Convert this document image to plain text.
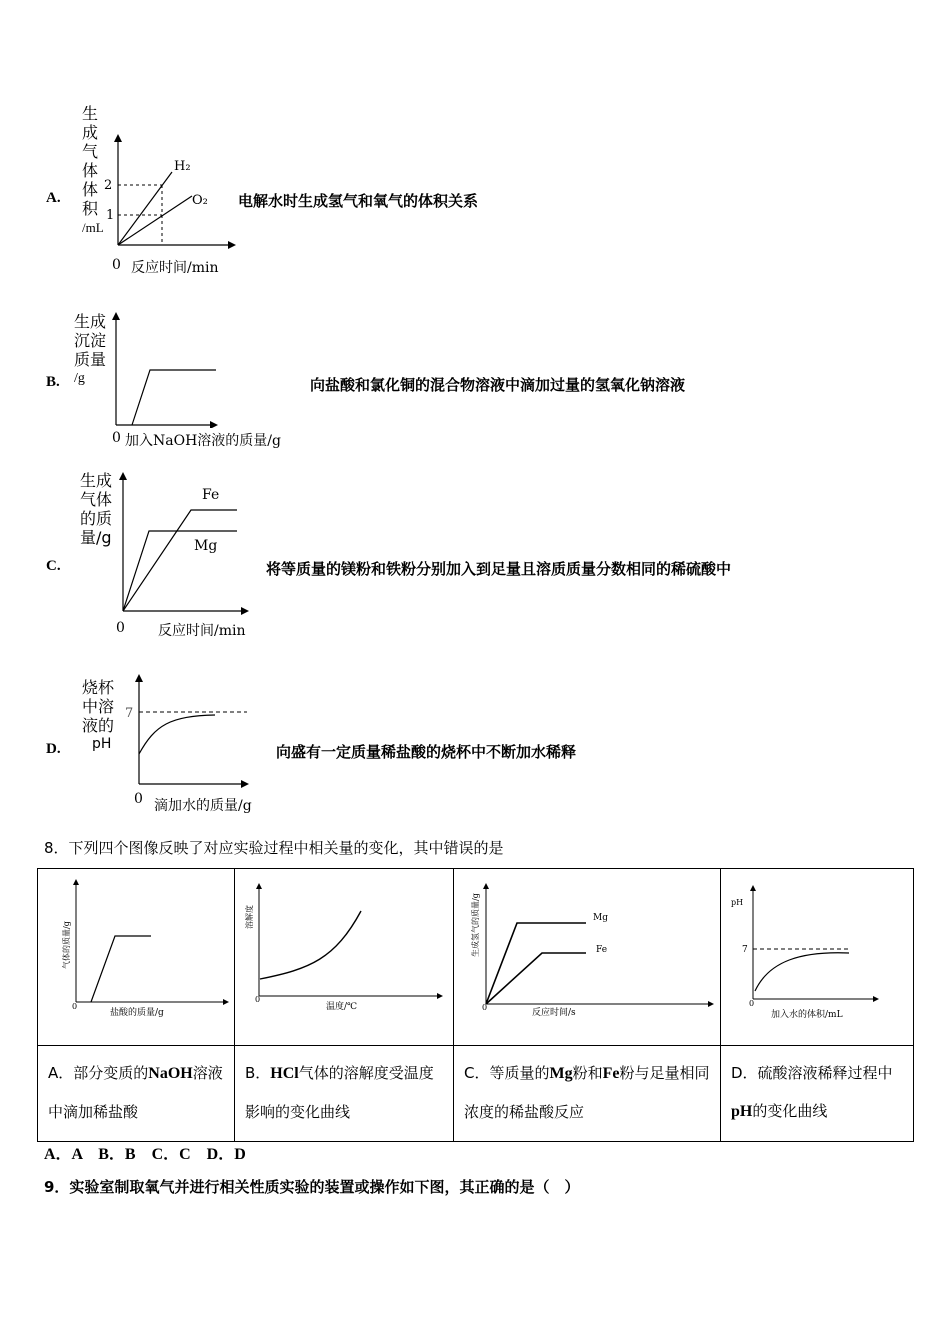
A.
生
成
气
体
体
积
/mL
2
1
H₂
O₂
0 反应时间/min
电解水时生成氢气和氧气的体积关系
B.
生成
沉淀
质量
/g
0 加入NaOH溶液的质量/g
向盐酸和氯化铜的混合物溶液中滴加过量的氢氧化钠溶液
C.
生成
气体
的质
量/g
Fe
Mg
0 反应时间/min
将等质量的镁粉和铁粉分别加入到足量且溶质质量分数相同的稀硫酸中
D.
烧杯
中溶
液的
pH
7
0 滴加水的质量/g
向盛有一定质量稀盐酸的烧杯中不断加水稀释
8．下列四个图像反映了对应实验过程中相关量的变化，其中错误的是
0
气体的质量/g
盐酸的质量/g	0
溶解度
温度/℃	0
生成氢气的质量/g
反应时间/s
Mg
Fe	7
pH
加入水的体积/mL
0

A．部分变质的NaOH溶液中滴加稀盐酸	B．HCl气体的溶解度受温度影响的变化曲线	C．等质量的Mg粉和Fe粉与足量相同浓度的稀盐酸反应	D．硫酸溶液稀释过程中pH的变化曲线
A．A　B．B　C．C　D．D
9．实验室制取氧气并进行相关性质实验的装置或操作如下图，其正确的是（　）
